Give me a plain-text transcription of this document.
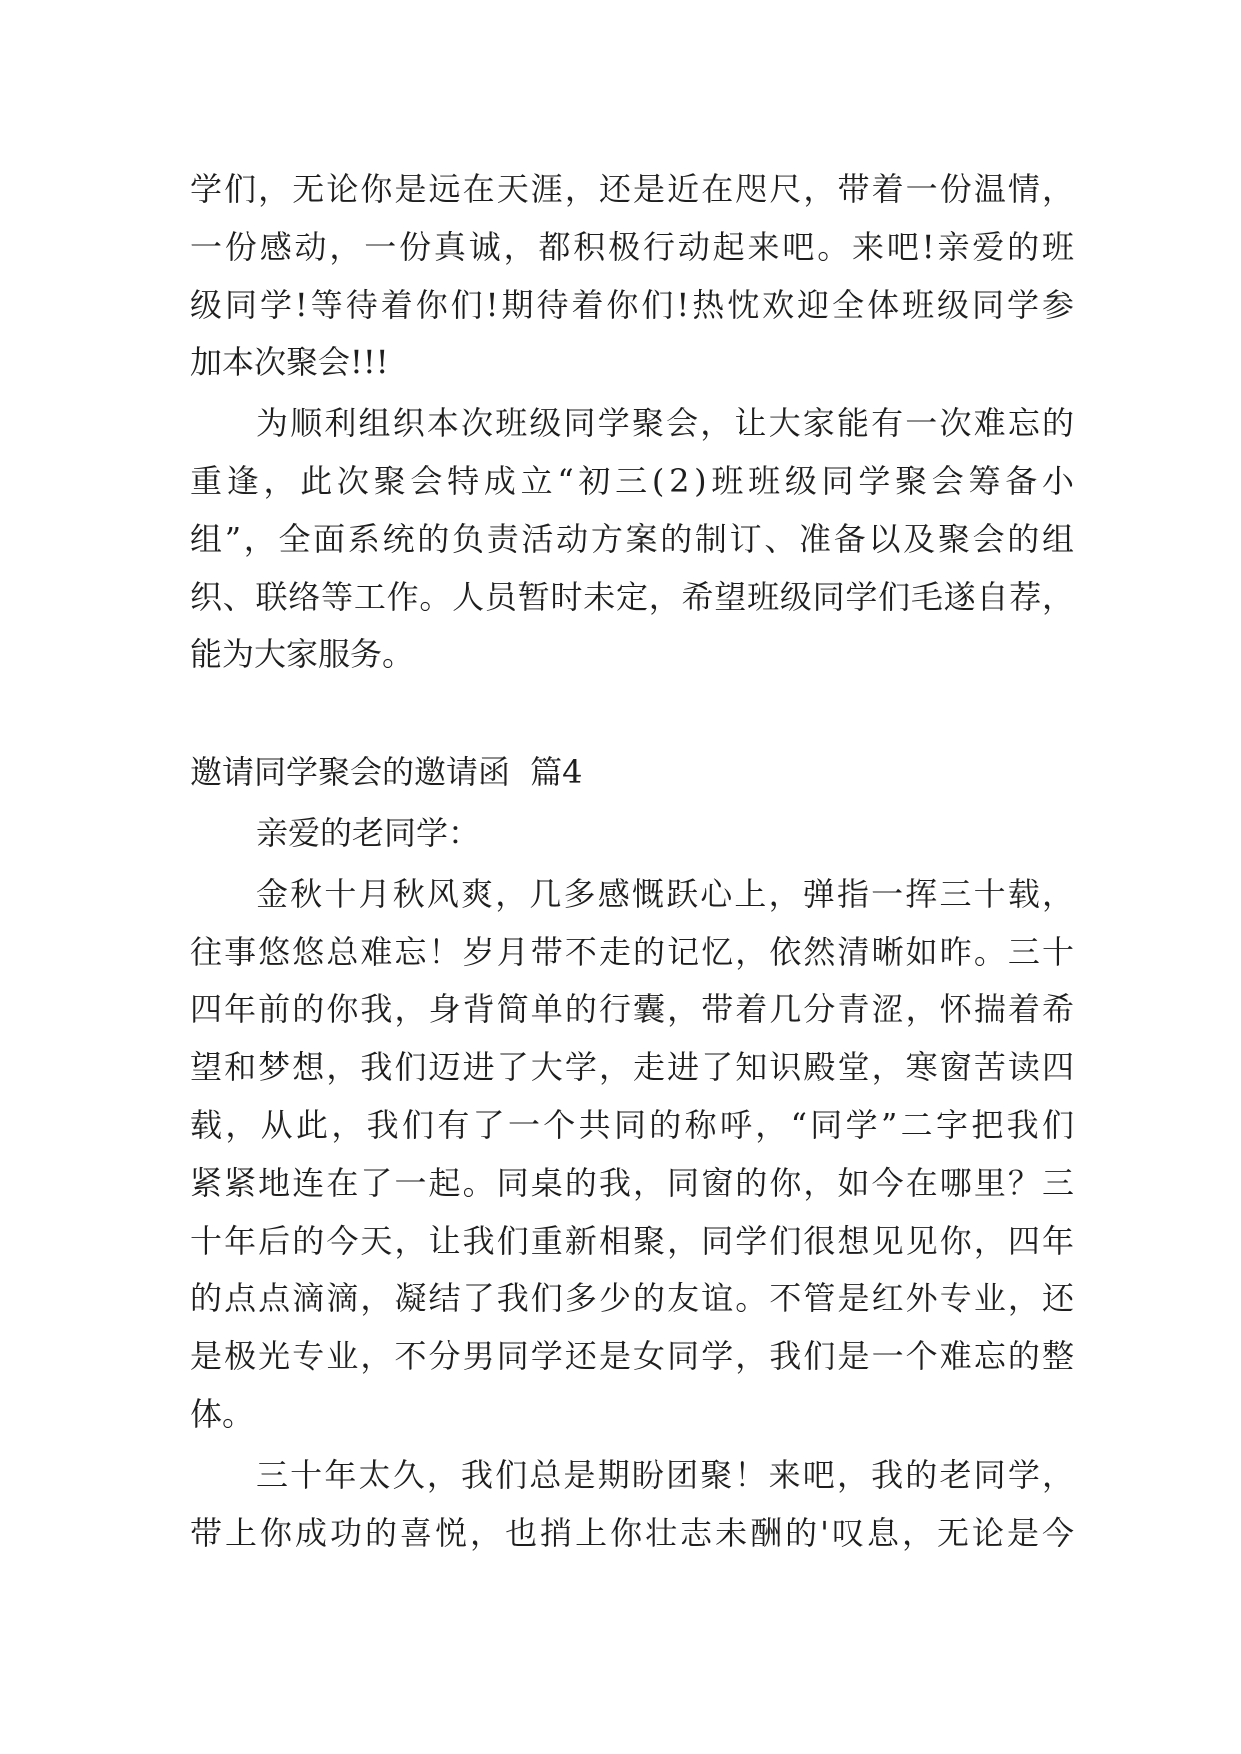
学们，无论你是远在天涯，还是近在咫尺，带着一份温情，
一份感动，一份真诚，都积极行动起来吧。来吧!亲爱的班
级同学!等待着你们!期待着你们!热忱欢迎全体班级同学参
加本次聚会!!!
为顺利组织本次班级同学聚会，让大家能有一次难忘的
重逢，此次聚会特成立“初三(2)班班级同学聚会筹备小
组”，全面系统的负责活动方案的制订、准备以及聚会的组
织、联络等工作。人员暂时未定，希望班级同学们毛遂自荐，
能为大家服务。
邀请同学聚会的邀请函 篇4
亲爱的老同学：
金秋十月秋风爽，几多感慨跃心上，弹指一挥三十载，
往事悠悠总难忘！岁月带不走的记忆，依然清晰如昨。三十
四年前的你我，身背简单的行囊，带着几分青涩，怀揣着希
望和梦想，我们迈进了大学，走进了知识殿堂，寒窗苦读四
载，从此，我们有了一个共同的称呼，“同学”二字把我们
紧紧地连在了一起。同桌的我，同窗的你，如今在哪里？三
十年后的今天，让我们重新相聚，同学们很想见见你，四年
的点点滴滴，凝结了我们多少的友谊。不管是红外专业，还
是极光专业，不分男同学还是女同学，我们是一个难忘的整
体。
三十年太久，我们总是期盼团聚！来吧，我的老同学，
带上你成功的喜悦，也捎上你壮志未酬的'叹息，无论是今
